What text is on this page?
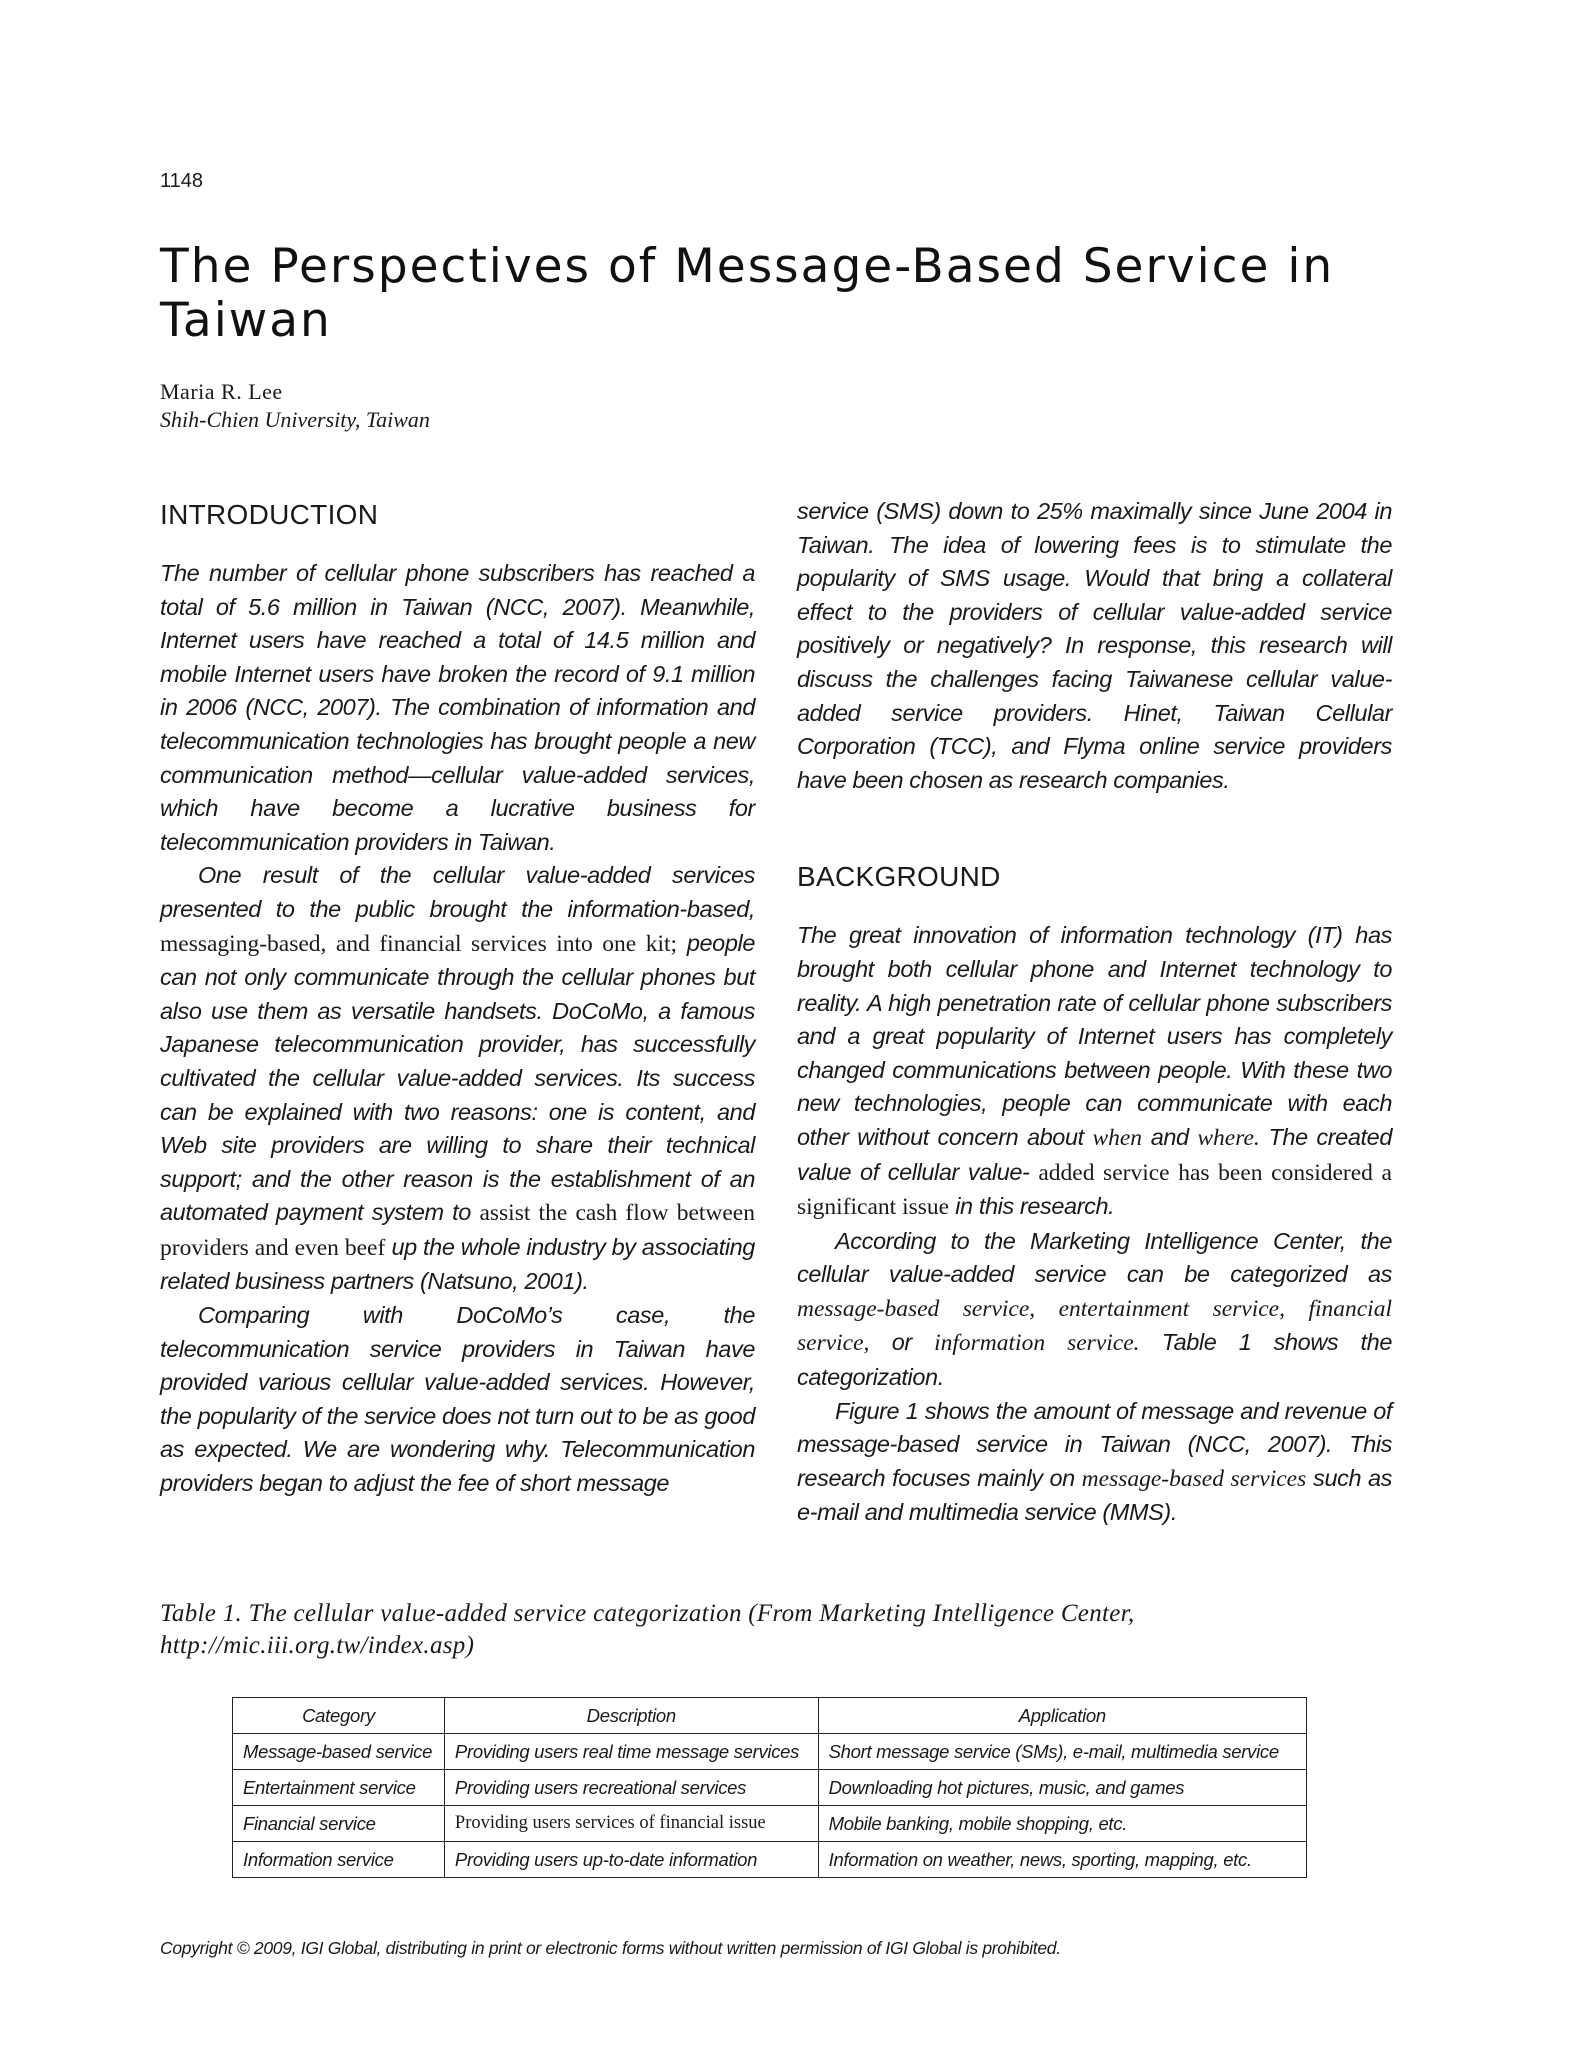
1148
The Perspectives of Message-Based Service in Taiwan
Maria R. Lee
Shih-Chien University, Taiwan
INTRODUCTION

The number of cellular phone subscribers has reached a total of 5.6 million in Taiwan (NCC, 2007). Meanwhile, Internet users have reached a total of 14.5 million and mobile Internet users have broken the record of 9.1 million in 2006 (NCC, 2007). The combination of information and telecommunication technologies has brought people a new communication method—cellular value-added services, which have become a lucrative business for telecommunication providers in Taiwan.

One result of the cellular value-added services presented to the public brought the information-based, messaging-based, and financial services into one kit; people can not only communicate through the cellular phones but also use them as versatile handsets. DoCoMo, a famous Japanese telecommunication provider, has successfully cultivated the cellular value-added services. Its success can be explained with two reasons: one is content, and Web site providers are willing to share their technical support; and the other reason is the establishment of an automated payment system to assist the cash flow between providers and even beef up the whole industry by associating related business partners (Natsuno, 2001).

Comparing with DoCoMo’s case, the telecommunication service providers in Taiwan have provided various cellular value-added services. However, the popularity of the service does not turn out to be as good as expected. We are wondering why. Telecommunication providers began to adjust the fee of short message

service (SMS) down to 25% maximally since June 2004 in Taiwan. The idea of lowering fees is to stimulate the popularity of SMS usage. Would that bring a collateral effect to the providers of cellular value-added service positively or negatively? In response, this research will discuss the challenges facing Taiwanese cellular value-added service providers. Hinet, Taiwan Cellular Corporation (TCC), and Flyma online service providers have been chosen as research companies.

BACKGROUND

The great innovation of information technology (IT) has brought both cellular phone and Internet technology to reality. A high penetration rate of cellular phone subscribers and a great popularity of Internet users has completely changed communications between people. With these two new technologies, people can communicate with each other without concern about when and where. The created value of cellular value- added service has been considered a significant issue in this research.

According to the Marketing Intelligence Center, the cellular value-added service can be categorized as message-based service, entertainment service, financial service, or information service. Table 1 shows the categorization.

Figure 1 shows the amount of message and revenue of message-based service in Taiwan (NCC, 2007). This research focuses mainly on message-based services such as e-mail and multimedia service (MMS).

Table 1. The cellular value-added service categorization (From Marketing Intelligence Center, http://mic.iii.org.tw/index.asp)
Category	Description	Application
Message-based service	Providing users real time message services	Short message service (SMs), e-mail, multimedia service
Entertainment service	Providing users recreational services	Downloading hot pictures, music, and games
Financial service	Providing users services of financial issue	Mobile banking, mobile shopping, etc.
Information service	Providing users up-to-date information	Information on weather, news, sporting, mapping, etc.
Copyright © 2009, IGI Global, distributing in print or electronic forms without written permission of IGI Global is prohibited.
